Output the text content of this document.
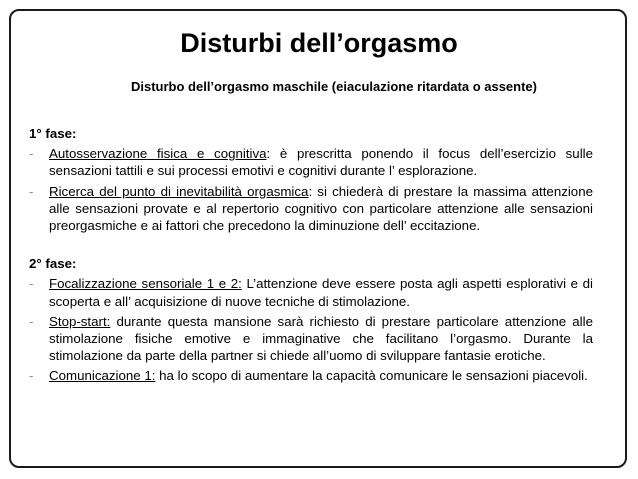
Disturbi dell’orgasmo
Disturbo dell’orgasmo maschile (eiaculazione ritardata o assente)
1° fase:
- Autosservazione fisica e cognitiva: è prescritta ponendo il focus dell’esercizio sulle sensazioni tattili e sui processi emotivi e cognitivi durante l’ esplorazione.
- Ricerca del punto di inevitabilità orgasmica: si chiederà di prestare la massima attenzione alle sensazioni provate e al repertorio cognitivo con particolare attenzione alle sensazioni preorgasmiche e ai fattori che precedono la diminuzione dell’ eccitazione.
2° fase:
- Focalizzazione sensoriale 1 e 2: L’attenzione deve essere posta agli aspetti esplorativi e di scoperta e all’ acquisizione di nuove tecniche di stimolazione.
- Stop-start: durante questa mansione sarà richiesto di prestare particolare attenzione alle stimolazione fisiche emotive e immaginative che facilitano l’orgasmo. Durante la stimolazione da parte della partner si chiede all’uomo di sviluppare fantasie erotiche.
- Comunicazione 1: ha lo scopo di aumentare la capacità comunicare le sensazioni piacevoli.
